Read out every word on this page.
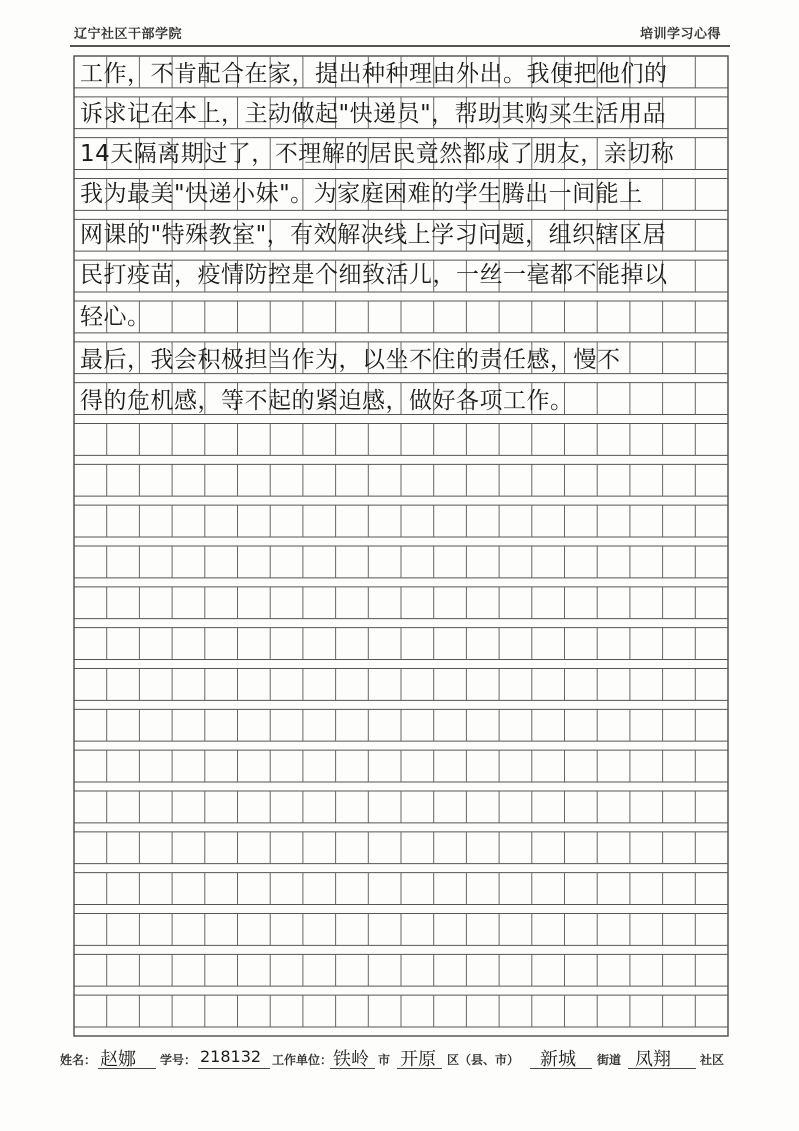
辽宁社区干部学院	培训学习心得
工作，不肯配合在家，提出种种理由外出。我便把他们的
诉求记在本上，主动做起"快递员"，帮助其购买生活用品
14天隔离期过了，不理解的居民竟然都成了朋友，亲切称
我为最美"快递小妹"。为家庭困难的学生腾出一间能上
网课的"特殊教室"，有效解决线上学习问题，组织辖区居
民打疫苗，疫情防控是个细致活儿，一丝一毫都不能掉以
轻心。
最后，我会积极担当作为，以坐不住的责任感，慢不
得的危机感，等不起的紧迫感，做好各项工作。
姓名： 赵娜 学号： 218132 工作单位： 铁岭 市 开原 区（县、市） 新城 街道 凤翔 社区
